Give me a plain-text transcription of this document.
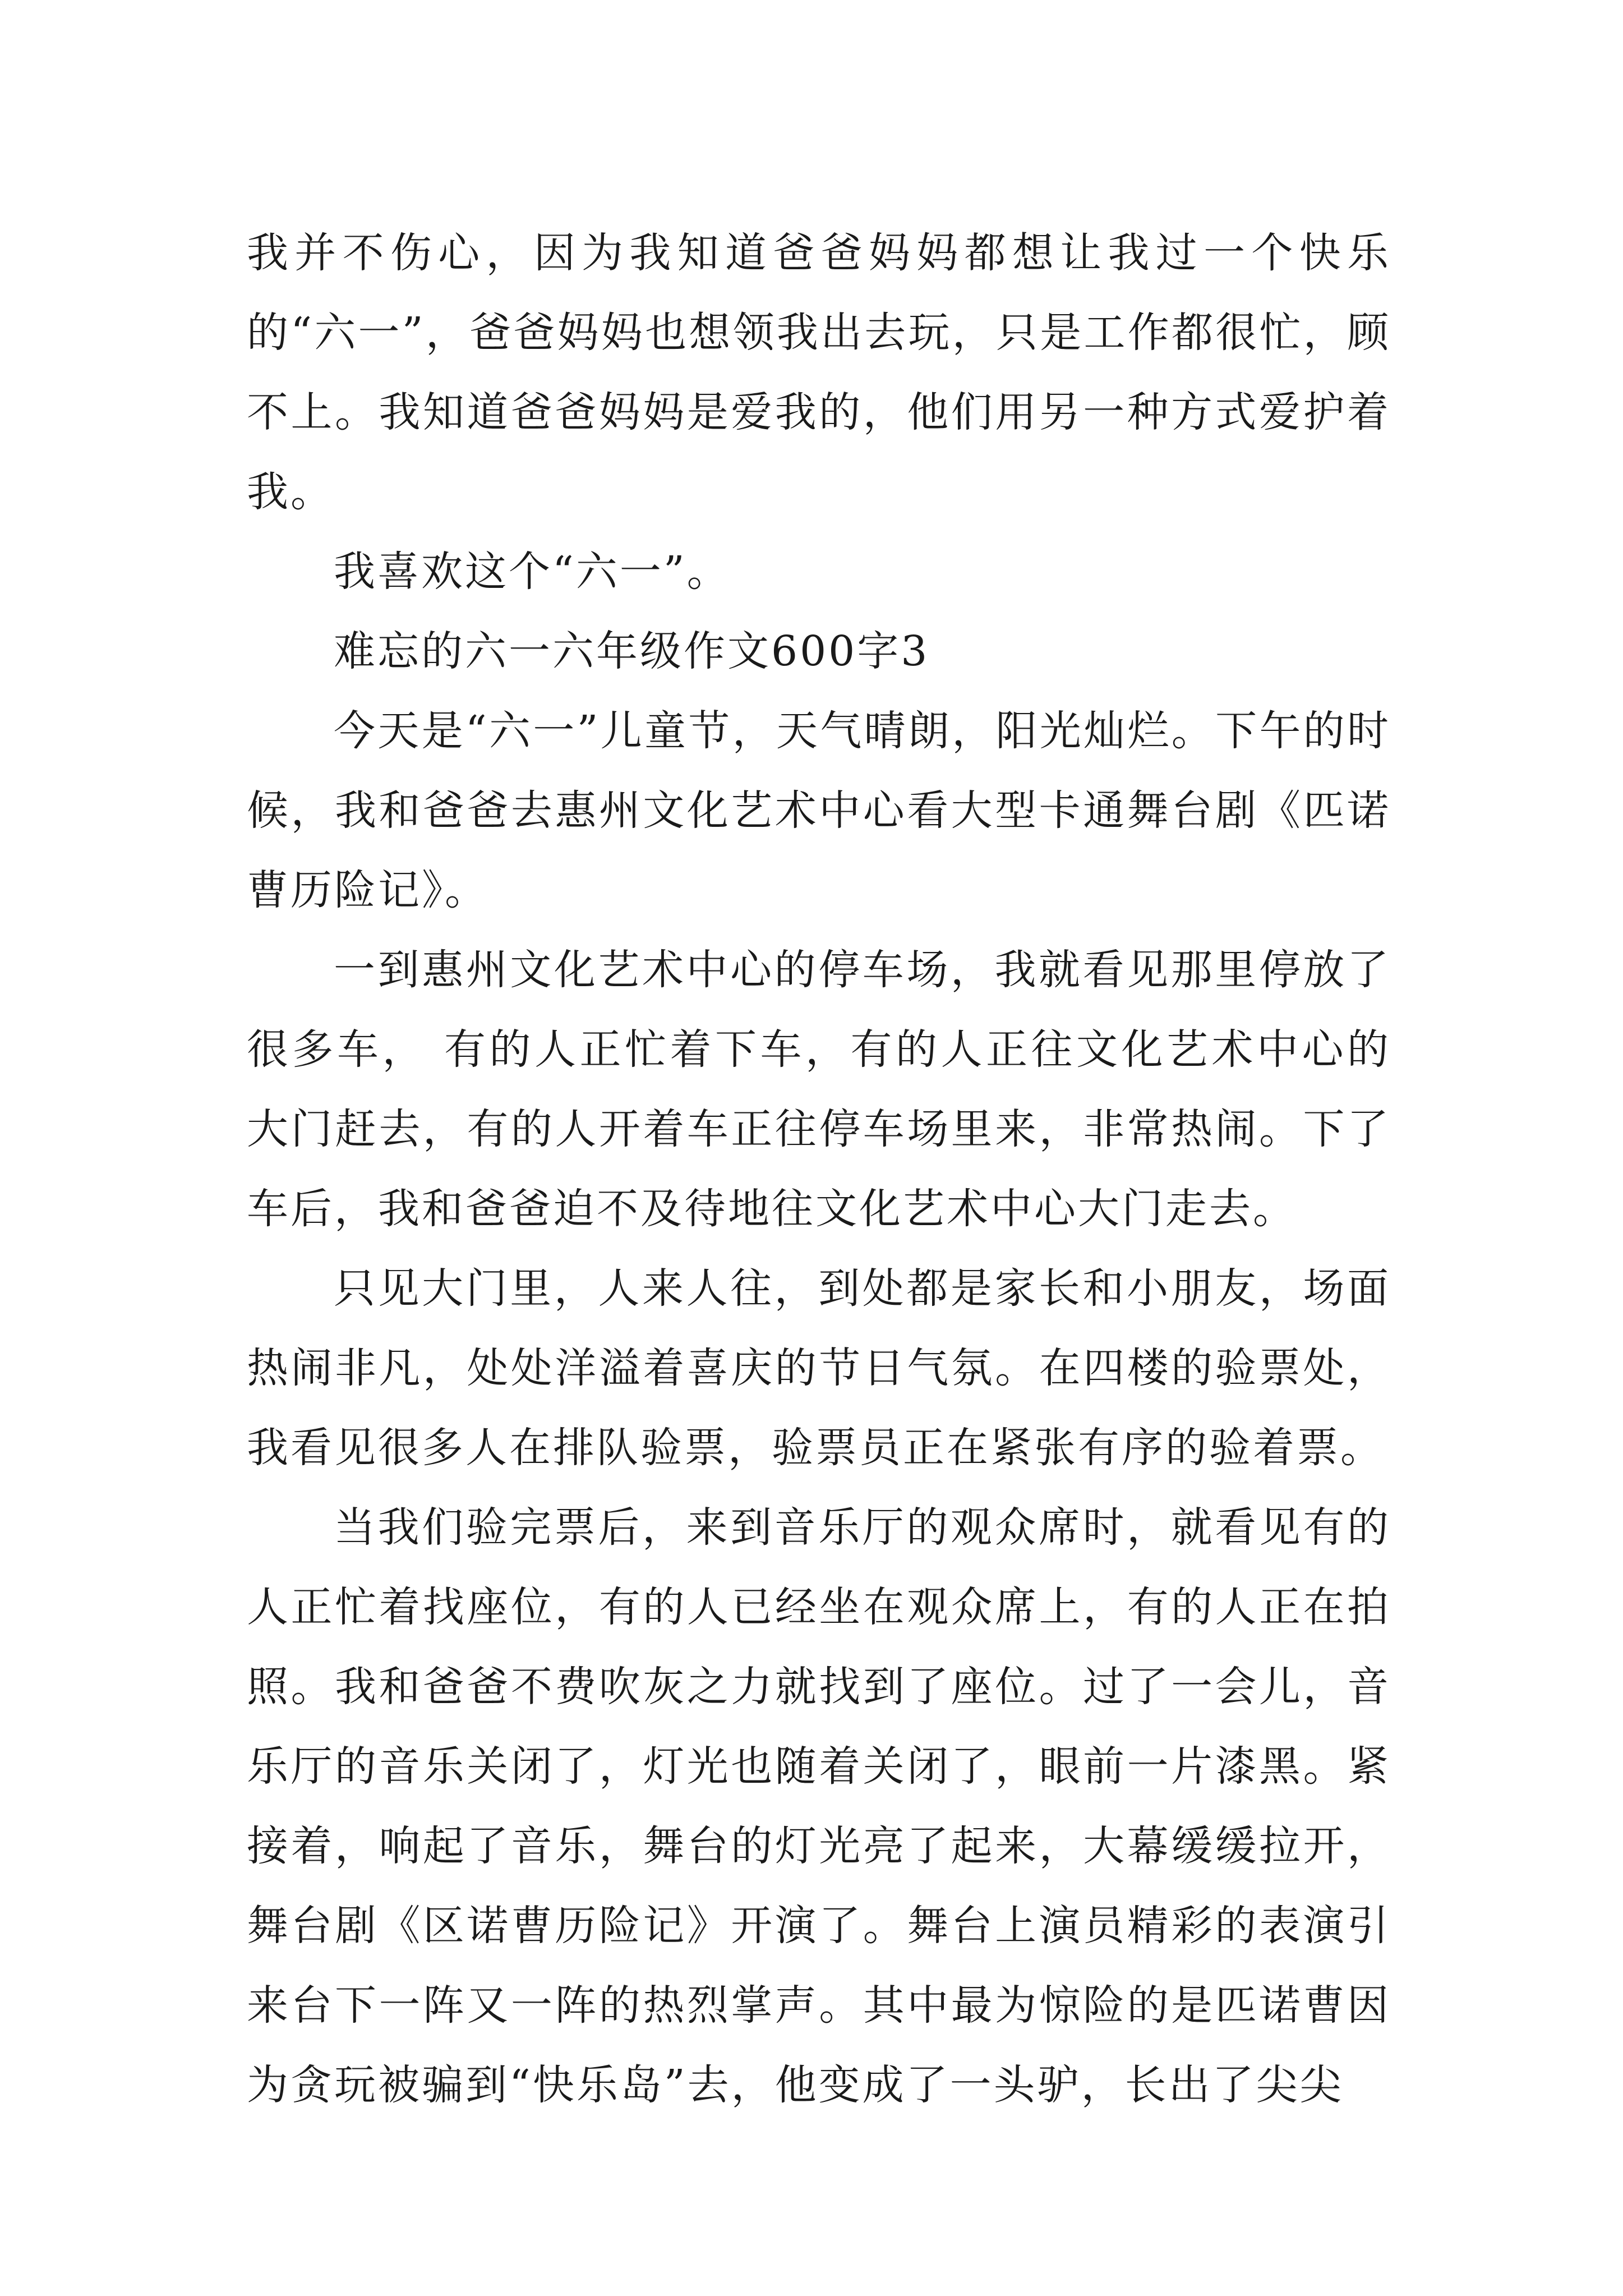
我并不伤心，因为我知道爸爸妈妈都想让我过一个快乐的“六一”，爸爸妈妈也想领我出去玩，只是工作都很忙，顾不上。我知道爸爸妈妈是爱我的，他们用另一种方式爱护着我。

我喜欢这个“六一”。

难忘的六一六年级作文600字3

今天是“六一”儿童节，天气晴朗，阳光灿烂。下午的时候，我和爸爸去惠州文化艺术中心看大型卡通舞台剧《匹诺曹历险记》。

一到惠州文化艺术中心的停车场，我就看见那里停放了很多车， 有的人正忙着下车，有的人正往文化艺术中心的大门赶去，有的人开着车正往停车场里来，非常热闹。下了车后，我和爸爸迫不及待地往文化艺术中心大门走去。

只见大门里，人来人往，到处都是家长和小朋友，场面热闹非凡，处处洋溢着喜庆的节日气氛。在四楼的验票处，我看见很多人在排队验票，验票员正在紧张有序的验着票。

当我们验完票后，来到音乐厅的观众席时，就看见有的人正忙着找座位，有的人已经坐在观众席上，有的人正在拍照。我和爸爸不费吹灰之力就找到了座位。过了一会儿，音乐厅的音乐关闭了，灯光也随着关闭了，眼前一片漆黑。紧接着，响起了音乐，舞台的灯光亮了起来，大幕缓缓拉开，舞台剧《区诺曹历险记》开演了。舞台上演员精彩的表演引来台下一阵又一阵的热烈掌声。其中最为惊险的是匹诺曹因为贪玩被骗到“快乐岛”去，他变成了一头驴，长出了尖尖
